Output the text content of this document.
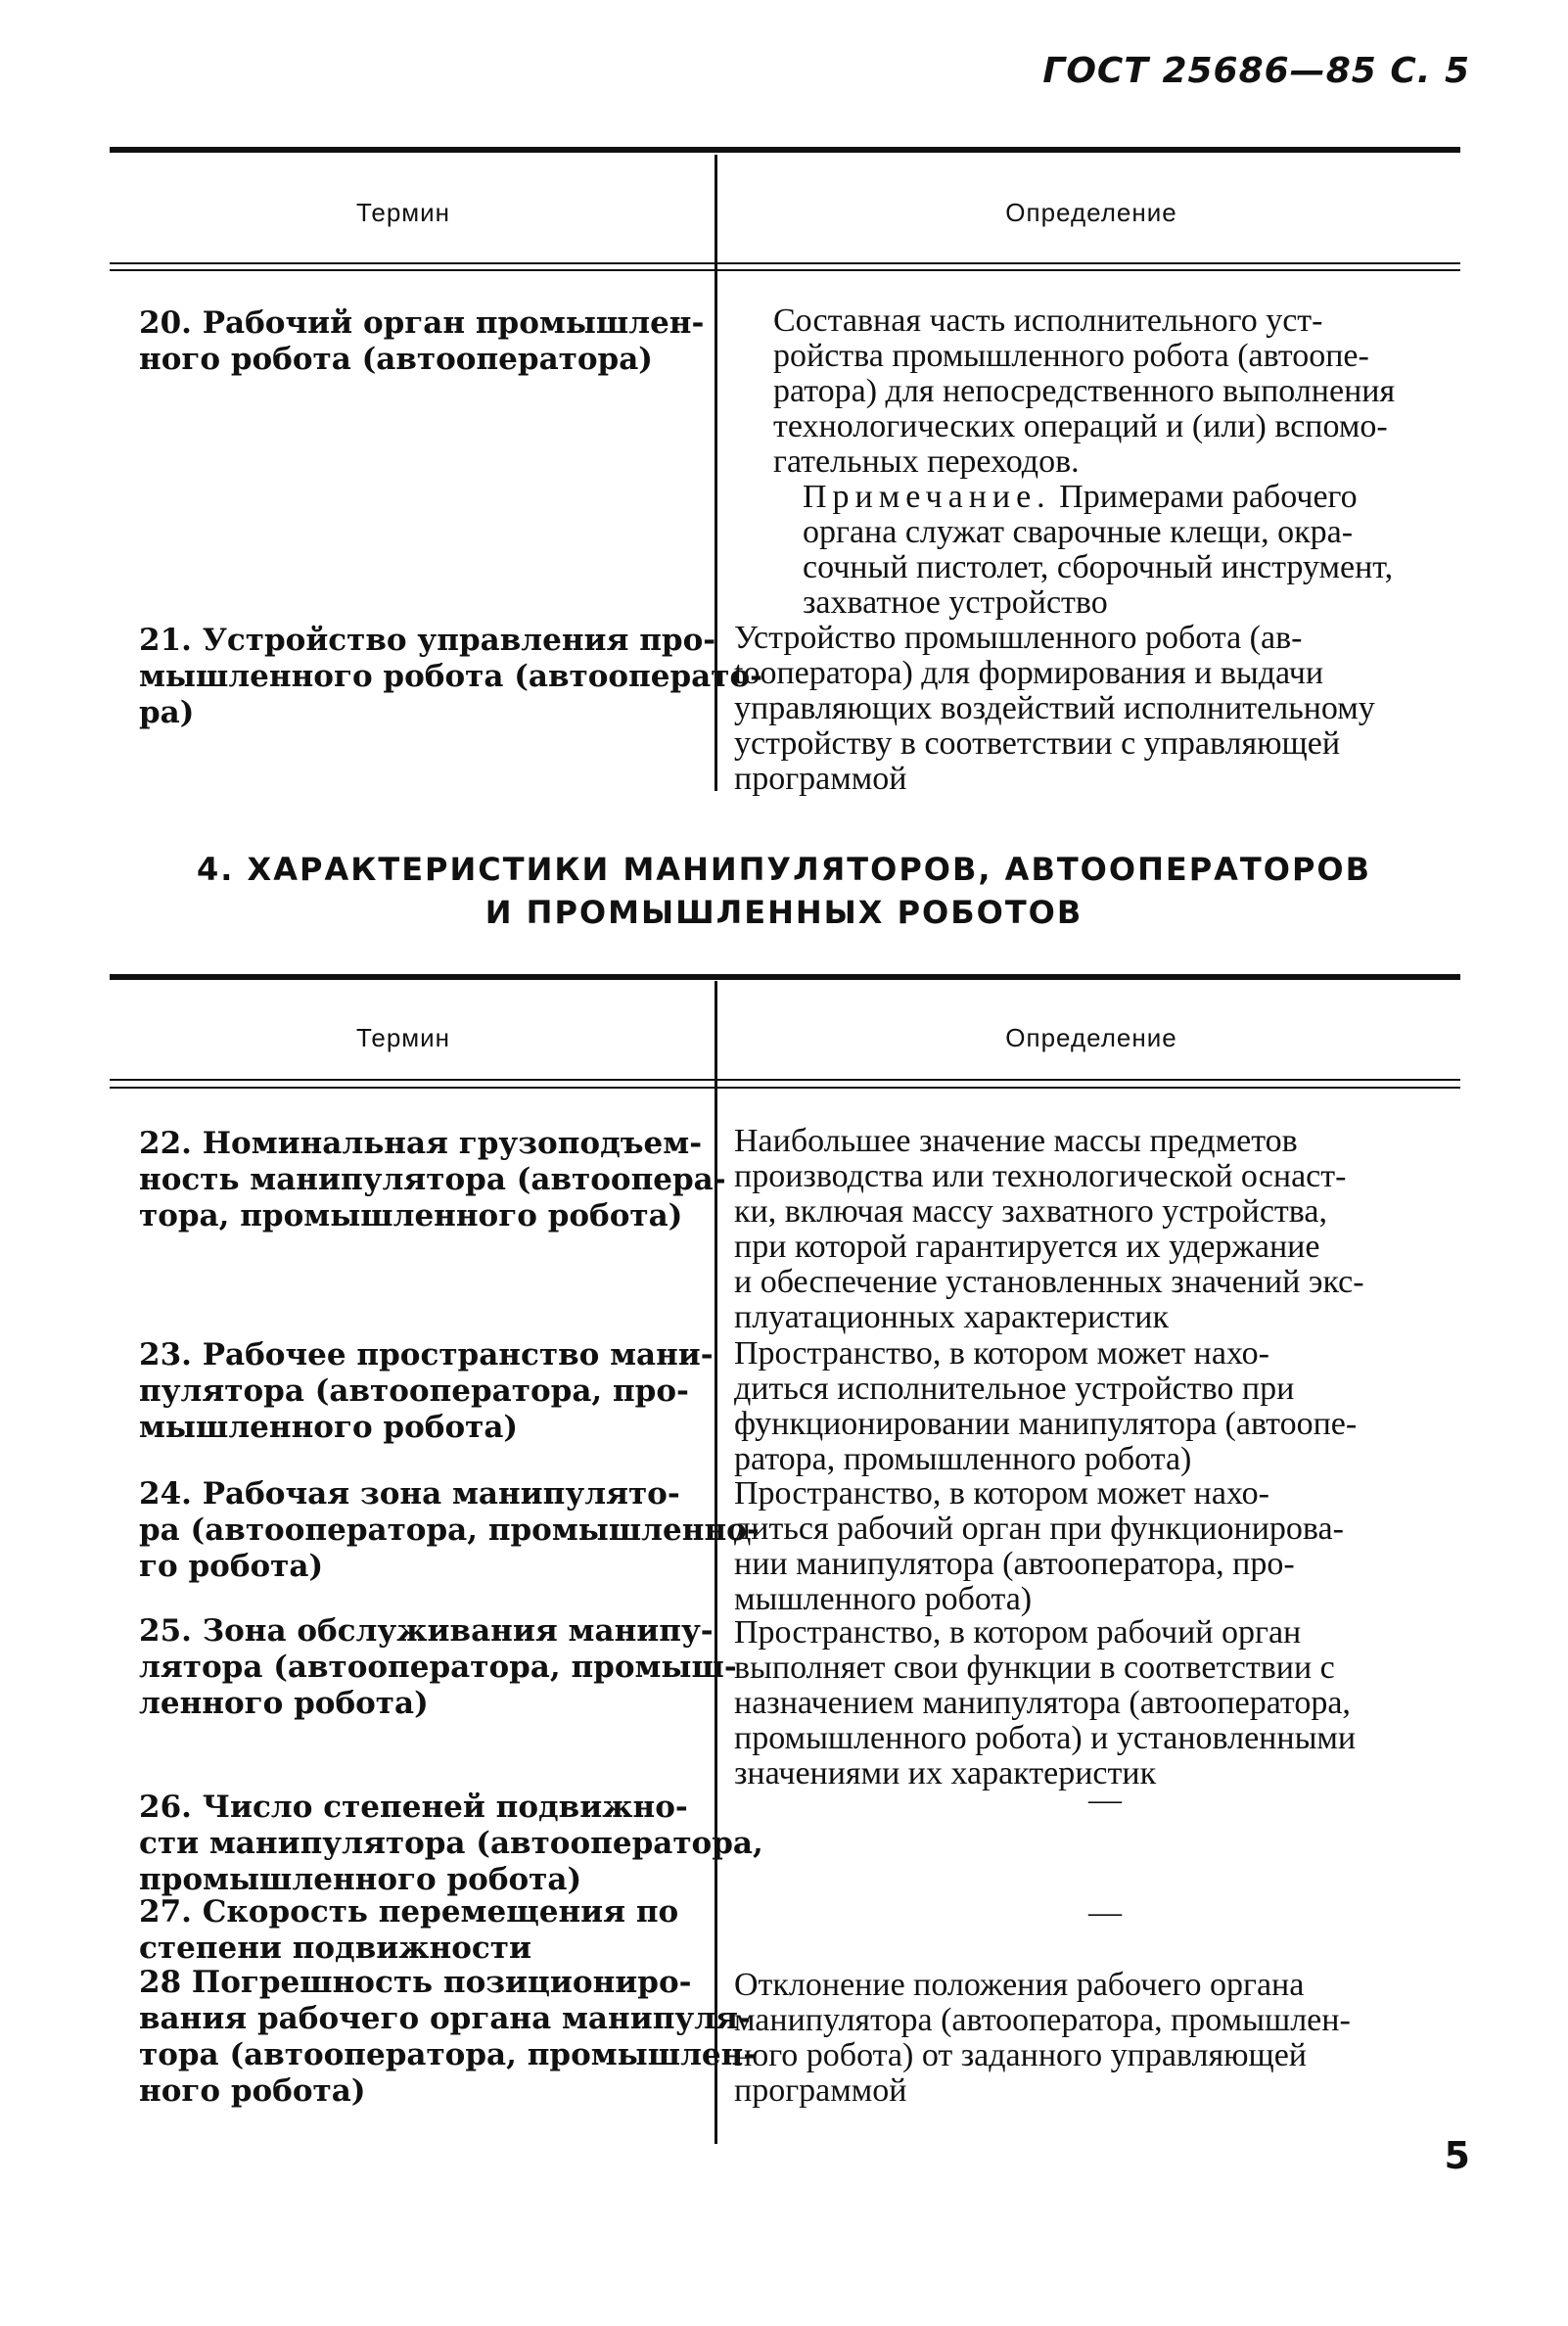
ГОСТ 25686—85 С. 5
Термин	Определение

20. Рабочий орган промышлен-
ного робота (автооператора)

Составная часть исполнительного уст-
ройства промышленного робота (автоопе-
ратора) для непосредственного выполнения
технологических операций и (или) вспомо-
гательных переходов.

Примечание. Примерами рабочего
органа служат сварочные клещи, окра-
сочный пистолет, сборочный инструмент,
захватное устройство

21. Устройство управления про-
мышленного робота (автооперато-
ра)

Устройство промышленного робота (ав-
tooператора) для формирования и выдачи
управляющих воздействий исполнительному
устройству в соответствии с управляющей
программой

4. ХАРАКТЕРИСТИКИ МАНИПУЛЯТОРОВ, АВТООПЕРАТОРОВ
И ПРОМЫШЛЕННЫХ РОБОТОВ
Термин	Определение

22. Номинальная грузоподъем-
ность манипулятора (автоопера-
тора, промышленного робота)

Наибольшее значение массы предметов
производства или технологической оснаст-
ки, включая массу захватного устройства,
при которой гарантируется их удержание
и обеспечение установленных значений экс-
плуатационных характеристик

23. Рабочее пространство мани-
пулятора (автооператора, про-
мышленного робота)

Пространство, в котором может нахо-
диться исполнительное устройство при
функционировании манипулятора (автоопе-
ратора, промышленного робота)

24. Рабочая зона манипулято-
ра (автооператора, промышленно-
го робота)

Пространство, в котором может нахо-
диться рабочий орган при функционирова-
нии манипулятора (автооператора, про-
мышленного робота)

25. Зона обслуживания манипу-
лятора (автооператора, промыш-
ленного робота)

Пространство, в котором рабочий орган
выполняет свои функции в соответствии с
назначением манипулятора (автооператора,
промышленного робота) и установленными
значениями их характеристик

26. Число степеней подвижно-
сти манипулятора (автооператора,
промышленного робота)

—

27. Скорость перемещения по
степени подвижности

—

28 Погрешность позициониро-
вания рабочего органа манипуля-
тора (автооператора, промышлен-
ного робота)

Отклонение положения рабочего органа
манипулятора (автооператора, промышлен-
ного робота) от заданного управляющей
программой

5
